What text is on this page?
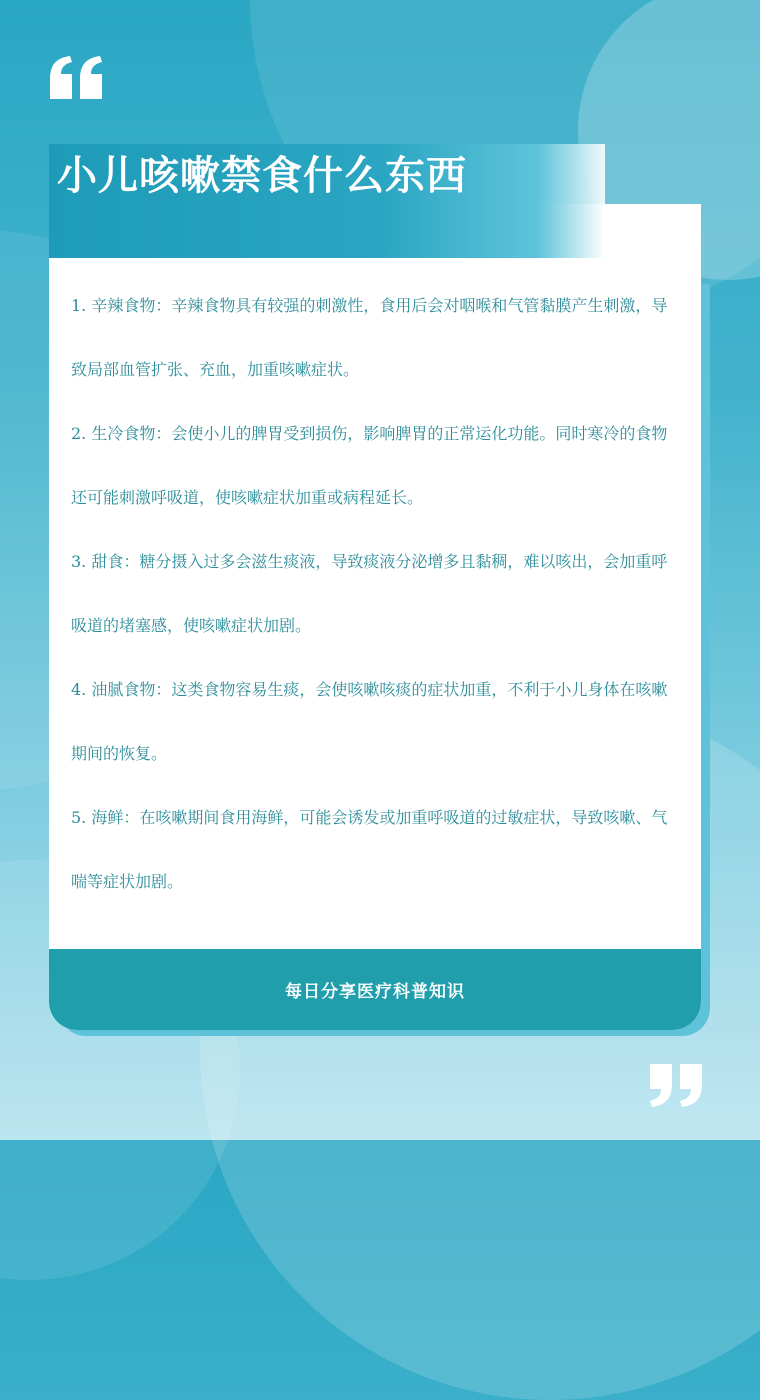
1. 辛辣食物：辛辣食物具有较强的刺激性，食用后会对咽喉和气管黏膜产生刺激，导致局部血管扩张、充血，加重咳嗽症状。

2. 生冷食物：会使小儿的脾胃受到损伤，影响脾胃的正常运化功能。同时寒冷的食物还可能刺激呼吸道，使咳嗽症状加重或病程延长。

3. 甜食：糖分摄入过多会滋生痰液，导致痰液分泌增多且黏稠，难以咳出，会加重呼吸道的堵塞感，使咳嗽症状加剧。

4. 油腻食物：这类食物容易生痰，会使咳嗽咳痰的症状加重，不利于小儿身体在咳嗽期间的恢复。

5. 海鲜：在咳嗽期间食用海鲜，可能会诱发或加重呼吸道的过敏症状，导致咳嗽、气喘等症状加剧。

每日分享医疗科普知识
小儿咳嗽禁食什么东西
